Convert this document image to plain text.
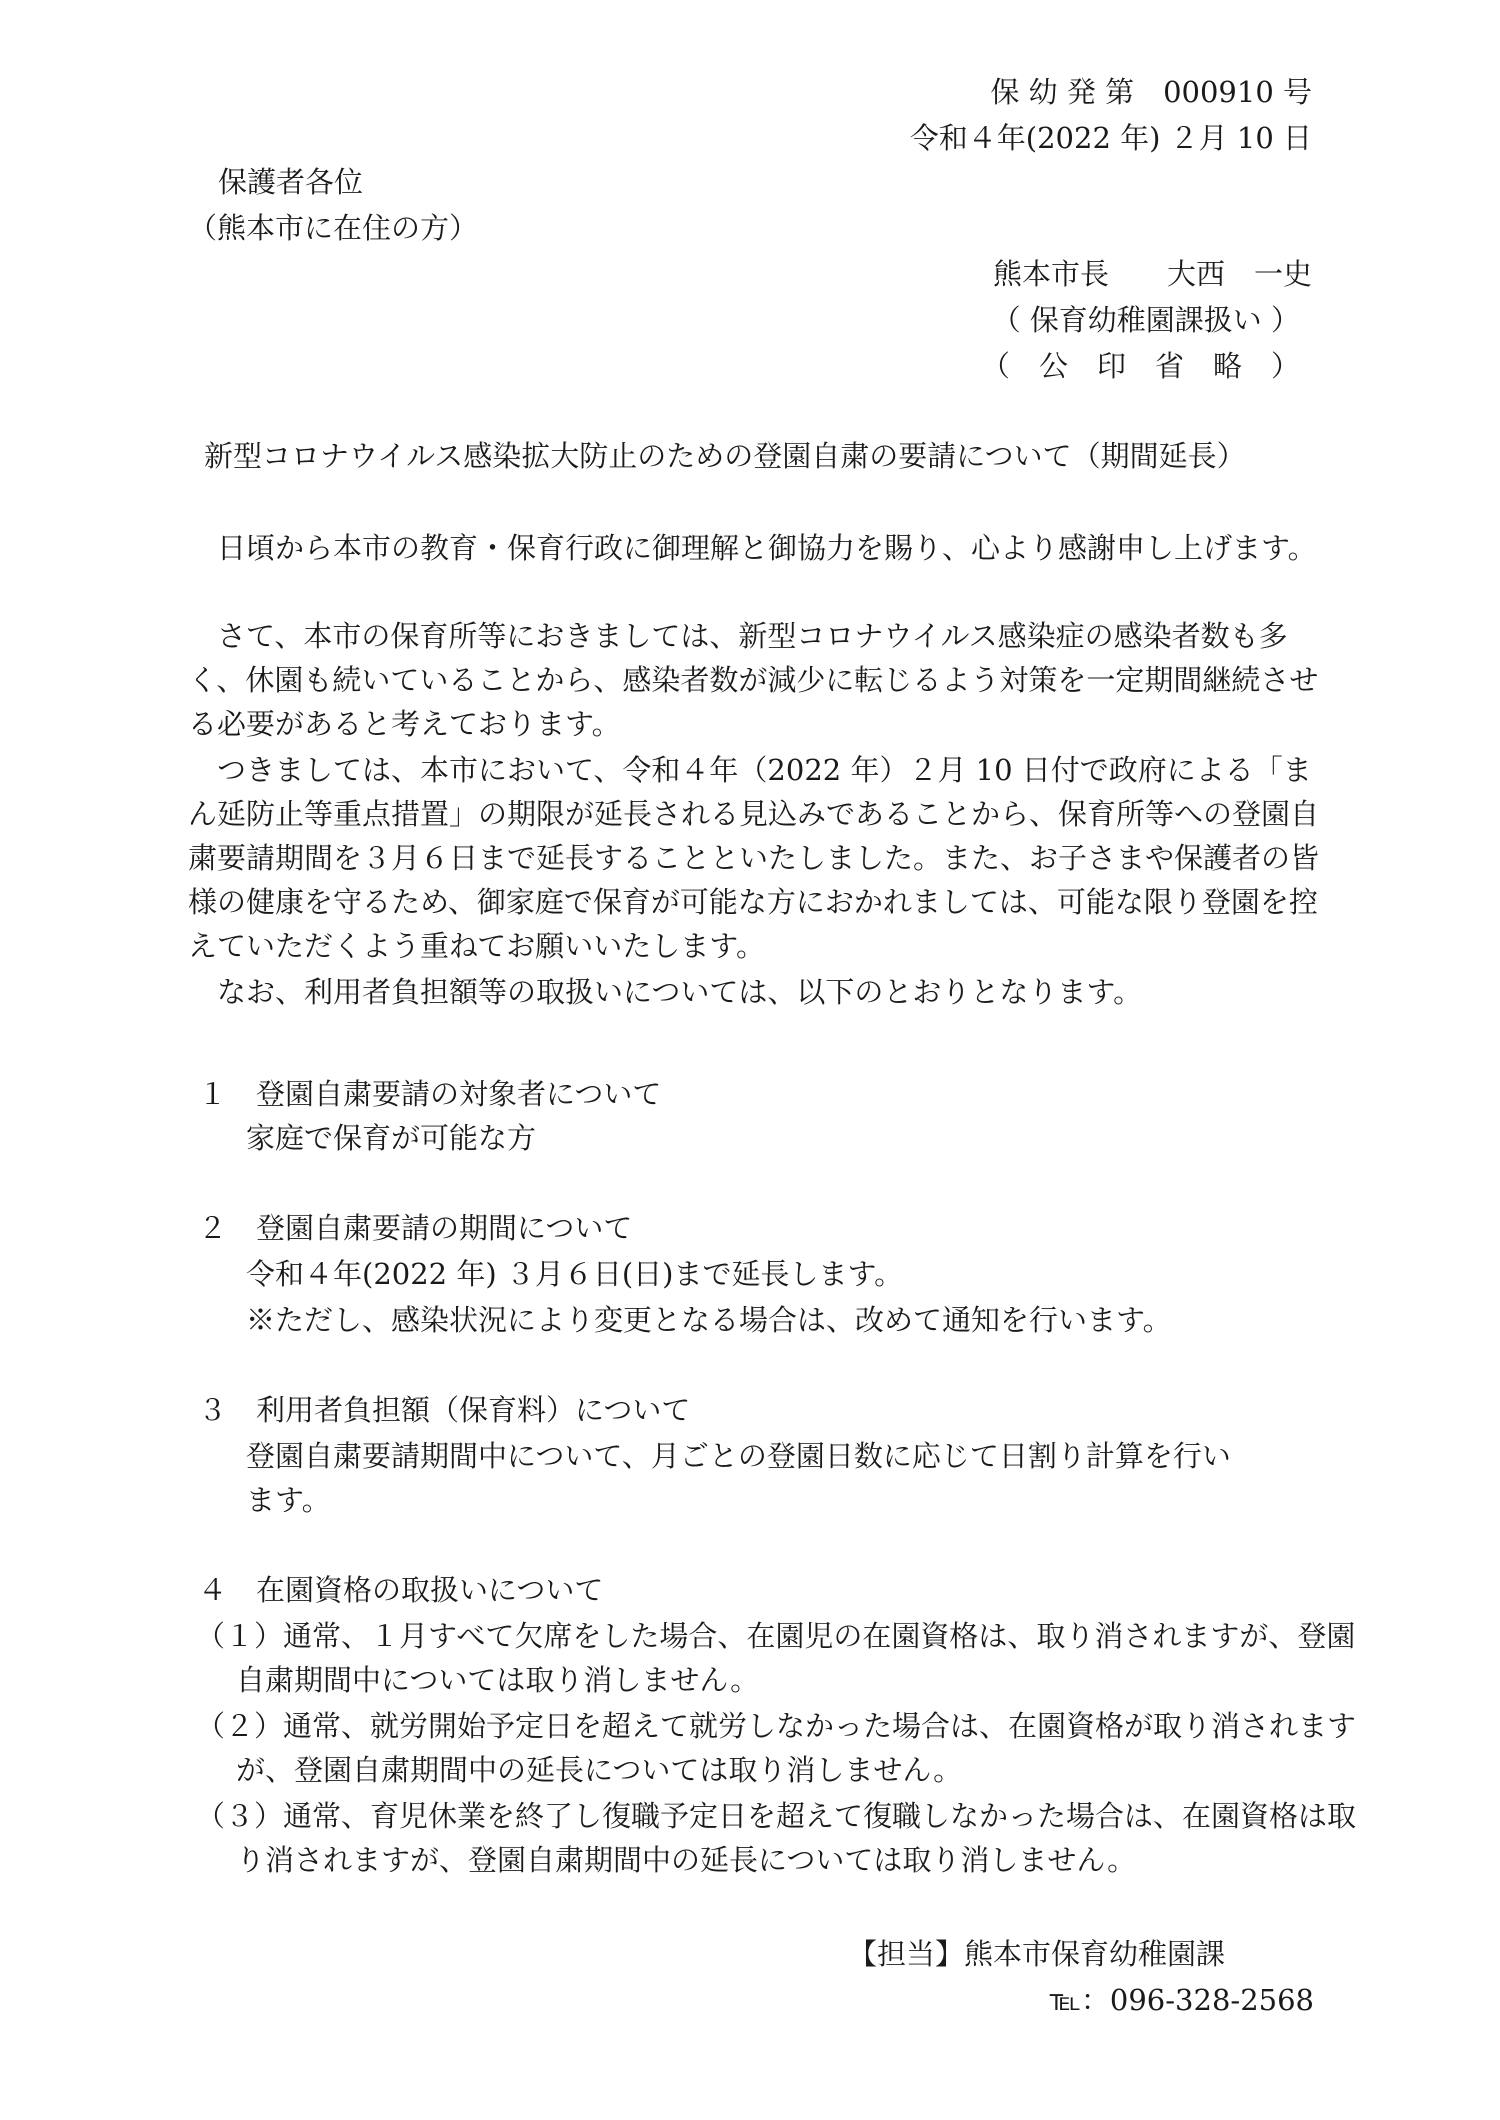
保 幼 発 第　000910 号
令和４年(2022 年) ２月 10 日
保護者各位
（熊本市に在住の方）
熊本市長　　大西　一史
（ 保育幼稚園課扱い ）
（　公　印　省　略　）
新型コロナウイルス感染拡大防止のための登園自粛の要請について（期間延長）
日頃から本市の教育・保育行政に御理解と御協力を賜り、心より感謝申し上げます。
さて、本市の保育所等におきましては、新型コロナウイルス感染症の感染者数も多く、休園も続いていることから、感染者数が減少に転じるよう対策を一定期間継続させる必要があると考えております。
つきましては、本市において、令和４年（2022 年）２月 10 日付で政府による「まん延防止等重点措置」の期限が延長される見込みであることから、保育所等への登園自粛要請期間を３月６日まで延長することといたしました。また、お子さまや保護者の皆様の健康を守るため、御家庭で保育が可能な方におかれましては、可能な限り登園を控えていただくよう重ねてお願いいたします。
なお、利用者負担額等の取扱いについては、以下のとおりとなります。
１　登園自粛要請の対象者について
家庭で保育が可能な方
２　登園自粛要請の期間について
令和４年(2022 年) ３月６日(日)まで延長します。
※ただし、感染状況により変更となる場合は、改めて通知を行います。
３　利用者負担額（保育料）について
登園自粛要請期間中について、月ごとの登園日数に応じて日割り計算を行います。
４　在園資格の取扱いについて
（１）通常、１月すべて欠席をした場合、在園児の在園資格は、取り消されますが、登園自粛期間中については取り消しません。
（２）通常、就労開始予定日を超えて就労しなかった場合は、在園資格が取り消されますが、登園自粛期間中の延長については取り消しません。
（３）通常、育児休業を終了し復職予定日を超えて復職しなかった場合は、在園資格は取り消されますが、登園自粛期間中の延長については取り消しません。
【担当】熊本市保育幼稚園課
℡：096-328-2568
